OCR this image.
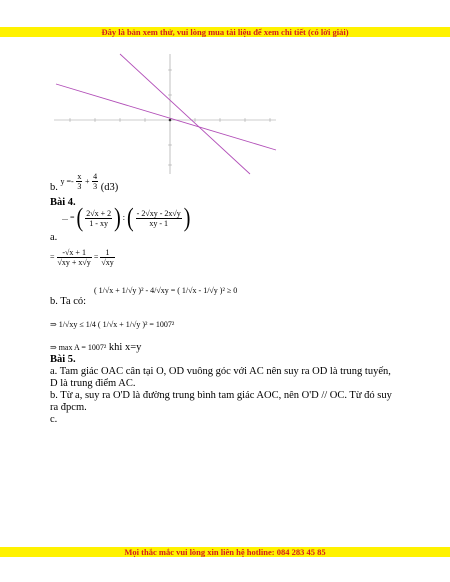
Đây là bản xem thử, vui lòng mua tài liệu để xem chi tiết (có lời giải)
b. $^{y =-} \frac{x}{3} ^+ \frac{4}{3} (d3)$
Bài 4.
... = ( $\frac{2√x + 2}{1 - xy}$ ) : ( $\frac{- 2√xy - 2x√y}{xy - 1}$ )
a.
= $\frac{-√x + 1}{√xy + x√y} = \frac{1}{√xy}$
b. Ta có:
( 1/√x + 1/√y )² - 4/√xy = ( 1/√x - 1/√y )² ≥ 0
⇒ 1/√xy ≤ 1/4 ( 1/√x + 1/√y )² = 1007²
⇒ max A = 1007² khi x=y
Bài 5.
a. Tam giác OAC cân tại O, OD vuông góc với AC nên suy ra OD là trung tuyến,
D là trung điểm AC.
b. Từ a, suy ra O'D là đường trung bình tam giác AOC, nên O'D // OC. Từ đó suy
ra đpcm.
c.
Mọi thắc mắc vui lòng xin liên hệ hotline: 084 283 45 85
